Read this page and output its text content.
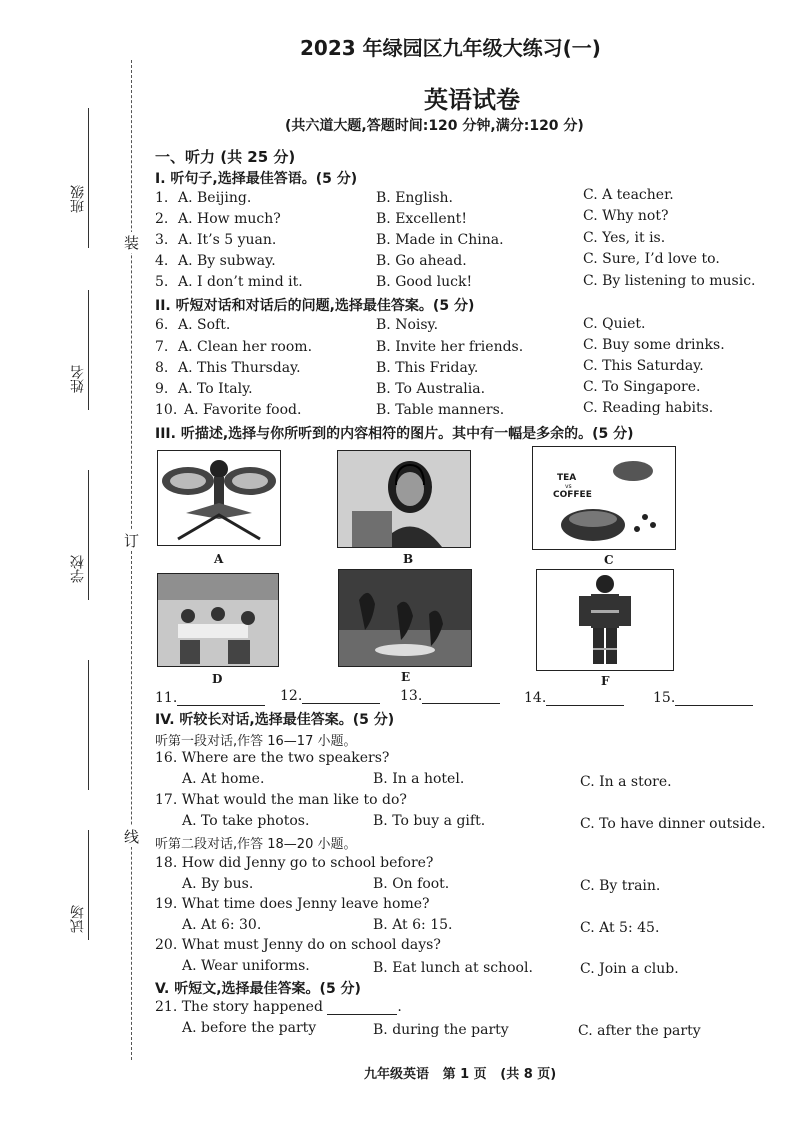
班级
姓名
学校
试场
装
订
线
2023 年绿园区九年级大练习(一)
英语试卷
(共六道大题,答题时间:120 分钟,满分:120 分)
一、听力 (共 25 分)
I. 听句子,选择最佳答语。(5 分)
1. A. Beijing.	B. English.	C. A teacher.
2. A. How much?	B. Excellent!	C. Why not?
3. A. It’s 5 yuan.	B. Made in China.	C. Yes, it is.
4. A. By subway.	B. Go ahead.	C. Sure, I’d love to.
5. A. I don’t mind it.	B. Good luck!	C. By listening to music.
II. 听短对话和对话后的问题,选择最佳答案。(5 分)
6. A. Soft.	B. Noisy.	C. Quiet.
7. A. Clean her room.	B. Invite her friends.	C. Buy some drinks.
8. A. This Thursday.	B. This Friday.	C. This Saturday.
9. A. To Italy.	B. To Australia.	C. To Singapore.
10. A. Favorite food.	B. Table manners.	C. Reading habits.
III. 听描述,选择与你所听到的内容相符的图片。其中有一幅是多余的。(5 分)
A	B
TEA
vs
COFFEE
C
D	E	F
11.	12.	13.	14.	15.
IV. 听较长对话,选择最佳答案。(5 分)
听第一段对话,作答 16—17 小题。
16. Where are the two speakers?
A. At home.	B. In a hotel.	C. In a store.
17. What would the man like to do?
A. To take photos.	B. To buy a gift.	C. To have dinner outside.
听第二段对话,作答 18—20 小题。
18. How did Jenny go to school before?
A. By bus.	B. On foot.	C. By train.
19. What time does Jenny leave home?
A. At 6: 30.	B. At 6: 15.	C. At 5: 45.
20. What must Jenny do on school days?
A. Wear uniforms.	B. Eat lunch at school.	C. Join a club.
V. 听短文,选择最佳答案。(5 分)
21. The story happened	.
A. before the party	B. during the party	C. after the party
九年级英语   第 1 页   (共 8 页)
